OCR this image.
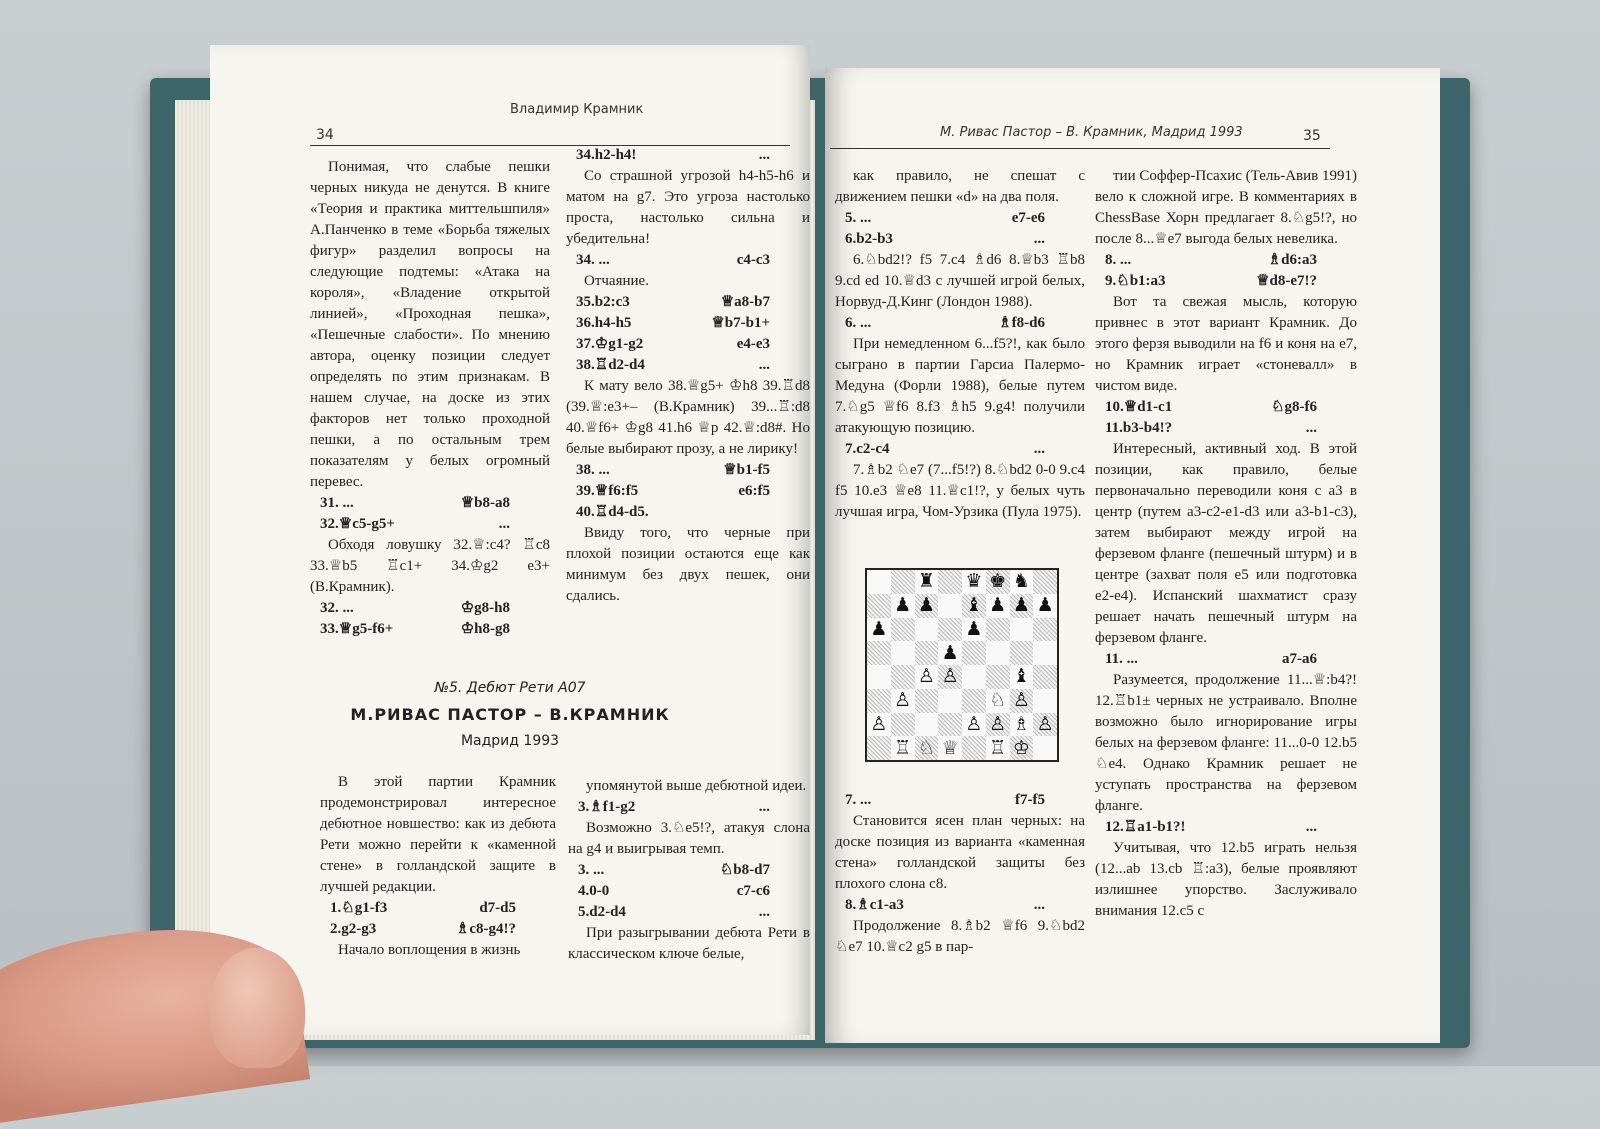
Владимир Крамник
34

Понимая, что слабые пешки черных никуда не денутся. В книге «Теория и практика миттельшпиля» А.Панченко в теме «Борьба тяжелых фигур» разделил вопросы на следующие подтемы: «Атака на короля», «Владение открытой линией», «Проходная пешка», «Пешечные слабости». По мнению автора, оценку позиции следует определять по этим признакам. В нашем случае, на доске из этих факторов нет только проходной пешки, а по остальным трем показателям у белых огромный перевес.

31. ...	♕b8-a8
32.♕c5-g5+	...

Обходя ловушку 32.♕:c4? ♖c8 33.♕b5 ♖c1+ 34.♔g2 e3+ (В.Крамник).

32. ...	♔g8-h8
33.♕g5-f6+	♔h8-g8
34.h2-h4!	...

Со страшной угрозой h4-h5-h6 и матом на g7. Это угроза настолько проста, настолько сильна и убедительна!

34. ...	c4-c3

Отчаяние.

35.b2:c3	♕a8-b7
36.h4-h5	♕b7-b1+
37.♔g1-g2	e4-e3
38.♖d2-d4	...

К мату вело 38.♕g5+ ♔h8 39.♖d8 (39.♕:e3+– (В.Крамник) 39...♖:d8 40.♕f6+ ♔g8 41.h6 ♕p 42.♕:d8#. Но белые выбирают прозу, а не лирику!

38. ...	♕b1-f5
39.♕f6:f5	e6:f5
40.♖d4-d5.

Ввиду того, что черные при плохой позиции остаются еще как минимум без двух пешек, они сдались.

№5. Дебют Рети А07
М.РИВАС ПАСТОР – В.КРАМНИК
Мадрид 1993

В этой партии Крамник продемонстрировал интересное дебютное новшество: как из дебюта Рети можно перейти к «каменной стене» в голландской защите в лучшей редакции.

1.♘g1-f3	d7-d5
2.g2-g3	♗c8-g4!?

Начало воплощения в жизнь

упомянутой выше дебютной идеи.

3.♗f1-g2	...

Возможно 3.♘e5!?, атакуя слона на g4 и выигрывая темп.

3. ...	♘b8-d7
4.0-0	c7-c6
5.d2-d4	...

При разыгрывании дебюта Рети в классическом ключе белые,

М. Ривас Пастор – В. Крамник, Мадрид 1993	35

как правило, не спешат с движением пешки «d» на два поля.

5. ...	e7-e6
6.b2-b3	...

6.♘bd2!? f5 7.c4 ♗d6 8.♕b3 ♖b8 9.cd ed 10.♕d3 с лучшей игрой белых, Норвуд-Д.Кинг (Лондон 1988).

6. ...	♗f8-d6

При немедленном 6...f5?!, как было сыграно в партии Гарсиа Палермо-Медуна (Форли 1988), белые путем 7.♘g5 ♕f6 8.f3 ♗h5 9.g4! получили атакующую позицию.

7.c2-c4	...

7.♗b2 ♘e7 (7...f5!?) 8.♘bd2 0-0 9.c4 f5 10.e3 ♕e8 11.♕c1!?, у белых чуть лучшая игра, Чом-Урзика (Пула 1975).

♜ ♛ ♚ ♞
♟ ♟ ♝ ♟ ♟ ♟
♟	♟
♟
♙ ♙	♝
♙	♘ ♙
♙	♙ ♙ ♗ ♙
♖ ♘ ♕ ♖ ♔
7. ...	f7-f5

Становится ясен план черных: на доске позиция из варианта «каменная стена» голландской защиты без плохого слона c8.

8.♗c1-a3	...

Продолжение 8.♗b2 ♕f6 9.♘bd2 ♘e7 10.♕c2 g5 в пар-

тии Соффер-Псахис (Тель-Авив 1991) вело к сложной игре. В комментариях в ChessBase Хорн предлагает 8.♘g5!?, но после 8...♕e7 выгода белых невелика.

8. ...	♗d6:a3
9.♘b1:a3	♕d8-e7!?

Вот та свежая мысль, которую привнес в этот вариант Крамник. До этого ферзя выводили на f6 и коня на e7, но Крамник играет «стоневалл» в чистом виде.

10.♕d1-c1	♘g8-f6
11.b3-b4!?	...

Интересный, активный ход. В этой позиции, как правило, белые первоначально переводили коня с a3 в центр (путем a3-c2-e1-d3 или a3-b1-c3), затем выбирают между игрой на ферзевом фланге (пешечный штурм) и в центре (захват поля e5 или подготовка e2-e4). Испанский шахматист сразу решает начать пешечный штурм на ферзевом фланге.

11. ...	a7-a6

Разумеется, продолжение 11...♕:b4?! 12.♖b1± черных не устраивало. Вполне возможно было игнорирование игры белых на ферзевом фланге: 11...0-0 12.b5 ♘e4. Однако Крамник решает не уступать пространства на ферзевом фланге.

12.♖a1-b1?!	...

Учитывая, что 12.b5 играть нельзя (12...ab 13.cb ♖:a3), белые проявляют излишнее упорство. Заслуживало внимания 12.c5 с
